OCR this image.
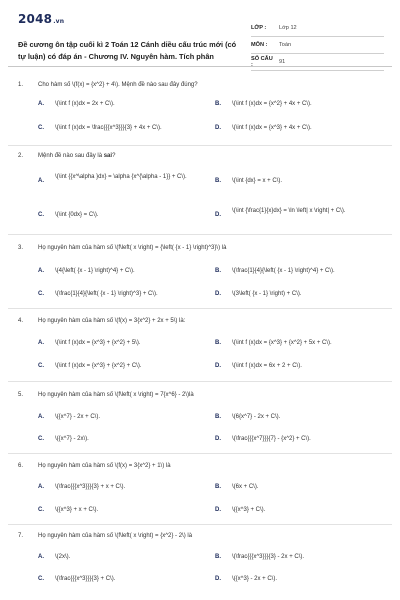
2048.vn
Đề cương ôn tập cuối kì 2 Toán 12 Cánh diều cấu trúc mới (có tự luận) có đáp án - Chương IV. Nguyên hàm. Tích phân
LỚP :	Lớp 12
MÔN :	Toán
SỐ CÂU :	91
1. Cho hàm số \(f(x) = {x^2} + 4\). Mệnh đề nào sau đây đúng?
A. \(\int f (x)dx = 2x + C\).	B. \(\int f (x)dx = {x^2} + 4x + C\).
C. \(\int f (x)dx = \frac{{{x^3}}}{3} + 4x + C\).	D. \(\int f (x)dx = {x^3} + 4x + C\).
2. Mệnh đề nào sau đây là sai?
A.
\(\int {{x^\alpha }dx} = \alpha {x^{\alpha - 1}} + C\).
B. \(\int {dx} = x + C\).
C. \(\int {0dx} = C\).	D.
\(\int {\frac{1}{x}dx} = \ln \left| x \right| + C\).
3. Họ nguyên hàm của hàm số \(f\left( x \right) = {\left( {x - 1} \right)^3}\) là
A. \(4{\left( {x - 1} \right)^4} + C\).	B. \(\frac{1}{4}{\left( {x - 1} \right)^4} + C\).
C. \(\frac{1}{4}{\left( {x - 1} \right)^3} + C\).	D. \(3\left( {x - 1} \right) + C\).
4. Họ nguyên hàm của hàm số \(f(x) = 3{x^2} + 2x + 5\) là:
A. \(\int f (x)dx = {x^3} + {x^2} + 5\).	B. \(\int f (x)dx = {x^3} + {x^2} + 5x + C\).
C. \(\int f (x)dx = {x^3} + {x^2} + C\).	D. \(\int f (x)dx = 6x + 2 + C\).
5. Họ nguyên hàm của hàm số \(f\left( x \right) = 7{x^6} - 2\)là
A. \({x^7} - 2x + C\).	B. \(6{x^7} - 2x + C\).
C. \({x^7} - 2x\).	D. \(\frac{{{x^7}}}{7} - {x^2} + C\).
6. Họ nguyên hàm của hàm số \(f(x) = 3{x^2} + 1\) là
A. \(\frac{{{x^3}}}{3} + x + C\).	B. \(6x + C\).
C. \({x^3} + x + C\).	D. \({x^3} + C\).
7. Họ nguyên hàm của hàm số \(f\left( x \right) = {x^2} - 2\) là
A. \(2x\).	B. \(\frac{{{x^3}}}{3} - 2x + C\).
C. \(\frac{{{x^3}}}{3} + C\).	D. \({x^3} - 2x + C\).
